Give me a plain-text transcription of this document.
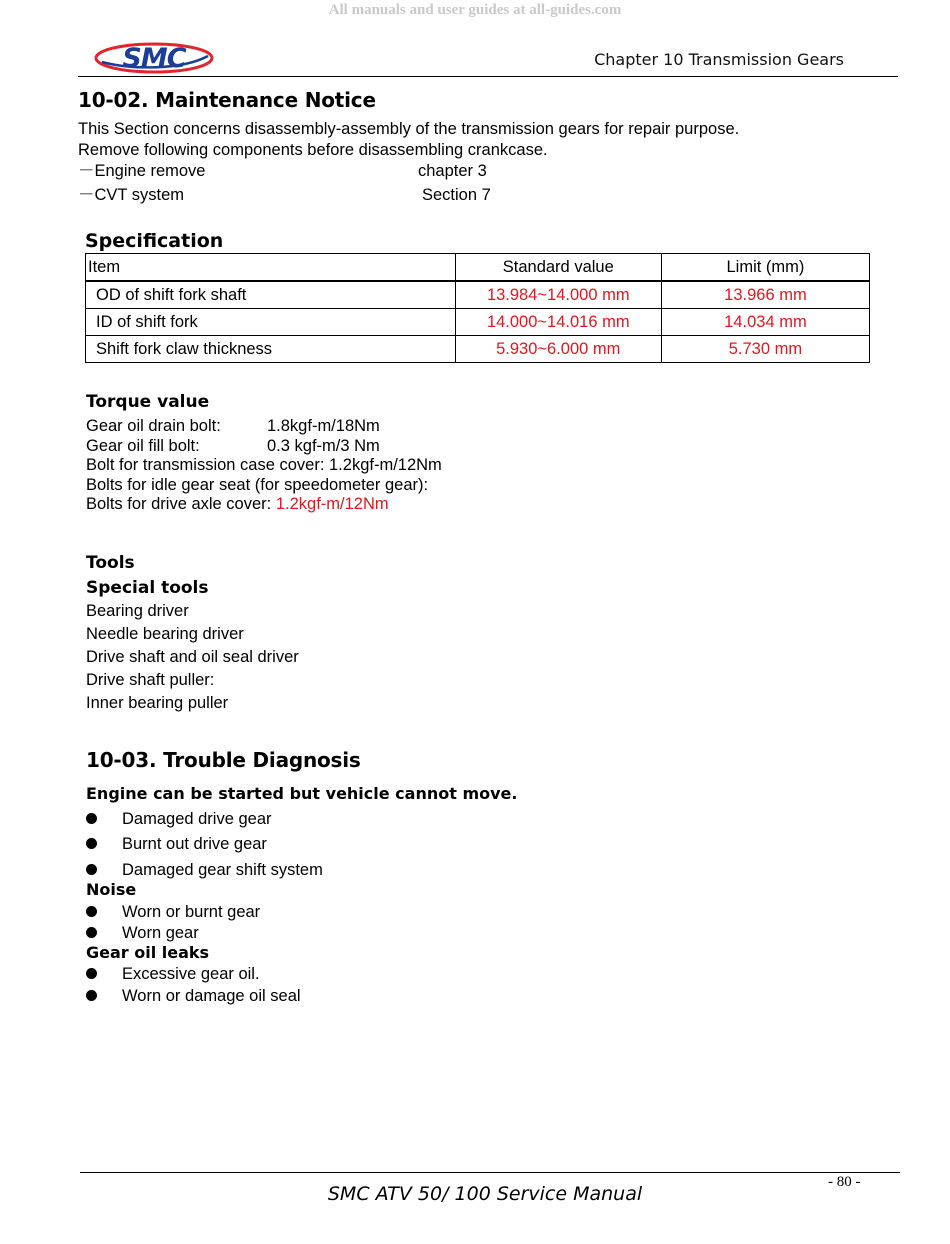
All manuals and user guides at all-guides.com
SMC	Chapter 10 Transmission Gears
10-02. Maintenance Notice
This Section concerns disassembly-assembly of the transmission gears for repair purpose.
Remove following components before disassembling crankcase.
－Engine remove	chapter 3
－CVT system	Section 7
Specification
Item	Standard value	Limit (mm)
OD of shift fork shaft	13.984~14.000 mm	13.966 mm
ID of shift fork	14.000~14.016 mm	14.034 mm
Shift fork claw thickness	5.930~6.000 mm	5.730 mm
Torque value
Gear oil drain bolt:	1.8kgf-m/18Nm
Gear oil fill bolt:	0.3 kgf-m/3 Nm
Bolt for transmission case cover: 1.2kgf-m/12Nm
Bolts for idle gear seat (for speedometer gear):
Bolts for drive axle cover: 1.2kgf-m/12Nm
Tools
Special tools
Bearing driver
Needle bearing driver
Drive shaft and oil seal driver
Drive shaft puller:
Inner bearing puller
10-03. Trouble Diagnosis
Engine can be started but vehicle cannot move.
Damaged drive gear
Burnt out drive gear
Damaged gear shift system
Noise
Worn or burnt gear
Worn gear
Gear oil leaks
Excessive gear oil.
Worn or damage oil seal
- 80 -
SMC ATV 50/ 100 Service Manual
